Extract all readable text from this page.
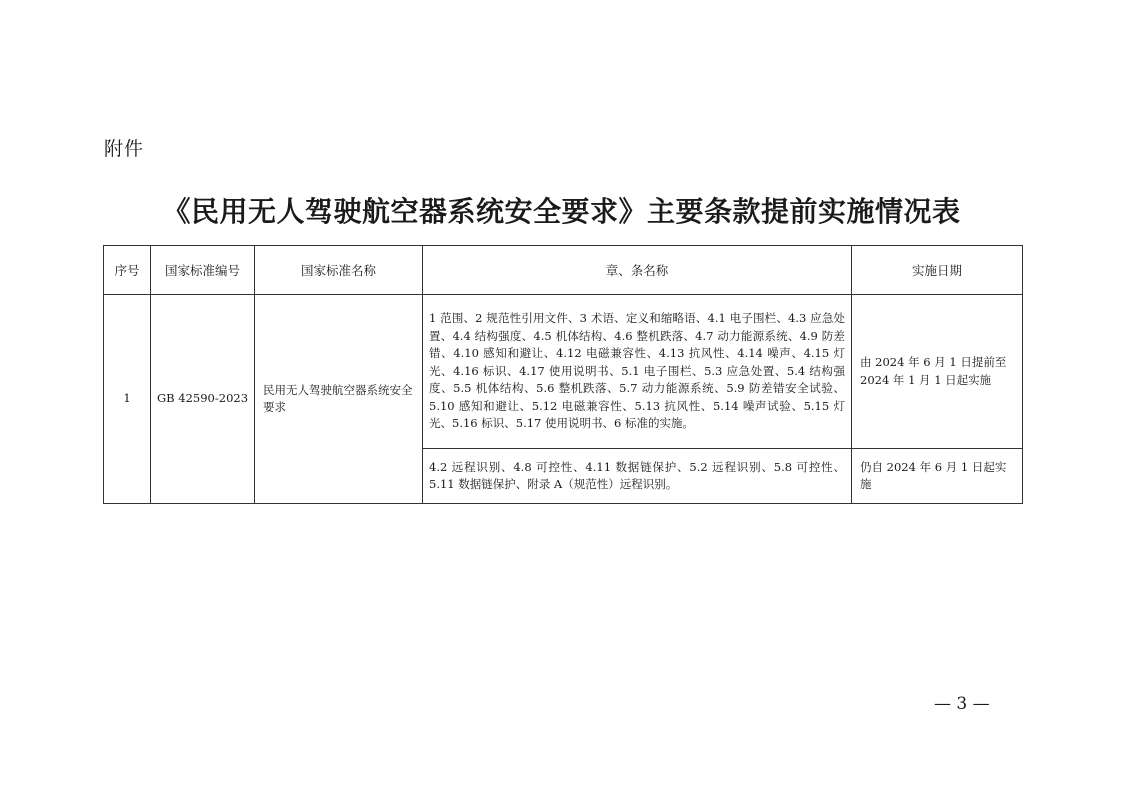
附件
《民用无人驾驶航空器系统安全要求》主要条款提前实施情况表
序号	国家标准编号	国家标准名称	章、条名称	实施日期
1	GB 42590-2023	民用无人驾驶航空器系统安全要求	1 范围、2 规范性引用文件、3 术语、定义和缩略语、4.1 电子围栏、4.3 应急处置、4.4 结构强度、4.5 机体结构、4.6 整机跌落、4.7 动力能源系统、4.9 防差错、4.10 感知和避让、4.12 电磁兼容性、4.13 抗风性、4.14 噪声、4.15 灯光、4.16 标识、4.17 使用说明书、5.1 电子围栏、5.3 应急处置、5.4 结构强度、5.5 机体结构、5.6 整机跌落、5.7 动力能源系统、5.9 防差错安全试验、5.10 感知和避让、5.12 电磁兼容性、5.13 抗风性、5.14 噪声试验、5.15 灯光、5.16 标识、5.17 使用说明书、6 标准的实施。	由 2024 年 6 月 1 日提前至 2024 年 1 月 1 日起实施
			4.2 远程识别、4.8 可控性、4.11 数据链保护、5.2 远程识别、5.8 可控性、5.11 数据链保护、附录 A（规范性）远程识别。	仍自 2024 年 6 月 1 日起实施
— 3 —
